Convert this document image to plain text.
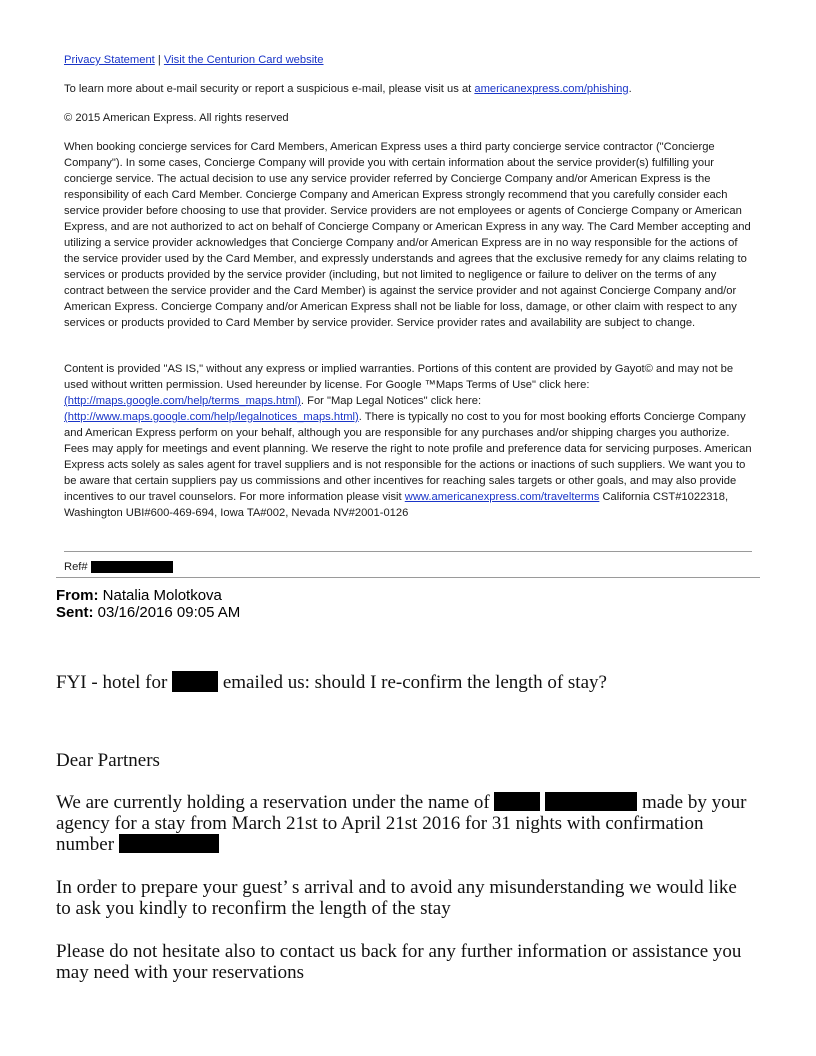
Privacy Statement | Visit the Centurion Card website

To learn more about e-mail security or report a suspicious e-mail, please visit us at americanexpress.com/phishing.

© 2015 American Express. All rights reserved

When booking concierge services for Card Members, American Express uses a third party concierge service contractor ("Concierge Company"). In some cases, Concierge Company will provide you with certain information about the service provider(s) fulfilling your concierge service. The actual decision to use any service provider referred by Concierge Company and/or American Express is the responsibility of each Card Member. Concierge Company and American Express strongly recommend that you carefully consider each service provider before choosing to use that provider. Service providers are not employees or agents of Concierge Company or American Express, and are not authorized to act on behalf of Concierge Company or American Express in any way. The Card Member accepting and utilizing a service provider acknowledges that Concierge Company and/or American Express are in no way responsible for the actions of the service provider used by the Card Member, and expressly understands and agrees that the exclusive remedy for any claims relating to services or products provided by the service provider (including, but not limited to negligence or failure to deliver on the terms of any contract between the service provider and the Card Member) is against the service provider and not against Concierge Company and/or American Express. Concierge Company and/or American Express shall not be liable for loss, damage, or other claim with respect to any services or products provided to Card Member by service provider. Service provider rates and availability are subject to change.

Content is provided "AS IS," without any express or implied warranties. Portions of this content are provided by Gayot© and may not be used without written permission. Used hereunder by license. For Google ™Maps Terms of Use" click here: (http://maps.google.com/help/terms_maps.html). For "Map Legal Notices" click here: (http://www.maps.google.com/help/legalnotices_maps.html). There is typically no cost to you for most booking efforts Concierge Company and American Express perform on your behalf, although you are responsible for any purchases and/or shipping charges you authorize. Fees may apply for meetings and event planning. We reserve the right to note profile and preference data for servicing purposes. American Express acts solely as sales agent for travel suppliers and is not responsible for the actions or inactions of such suppliers. We want you to be aware that certain suppliers pay us commissions and other incentives for reaching sales targets or other goals, and may also provide incentives to our travel counselors. For more information please visit www.americanexpress.com/travelterms California CST#1022318, Washington UBI#600-469-694, Iowa TA#002, Nevada NV#2001-0126

Ref#
From: Natalia Molotkova
Sent: 03/16/2016 09:05 AM
FYI - hotel for	emailed us: should I re-confirm the length of stay?
Dear Partners
We are currently holding a reservation under the name of	made by your agency for a stay from March 21st to April 21st 2016 for 31 nights with confirmation number
In order to prepare your guest’ s arrival and to avoid any misunderstanding we would like to ask you kindly to reconfirm the length of the stay
Please do not hesitate also to contact us back for any further information or assistance you may need with your reservations
